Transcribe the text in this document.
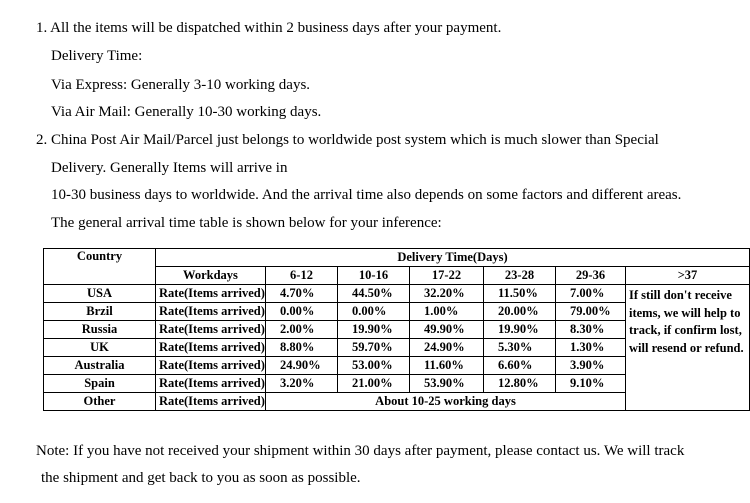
1. All the items will be dispatched within 2 business days after your payment.
Delivery Time:
Via Express: Generally 3-10 working days.
Via Air Mail: Generally 10-30 working days.
2. China Post Air Mail/Parcel just belongs to worldwide post system which is much slower than Special
Delivery. Generally Items will arrive in
10-30 business days to worldwide. And the arrival time also depends on some factors and different areas.
The general arrival time table is shown below for your inference:
Country	Delivery Time(Days)						
	Workdays	6-12	10-16	17-22	23-28	29-36	>37
USA	Rate(Items arrived)	4.70%	44.50%	32.20%	11.50%	7.00%	If still don't receive items, we will help to track, if confirm lost, will resend or refund.
Brzil	Rate(Items arrived)	0.00%	0.00%	1.00%	20.00%	79.00%	
Russia	Rate(Items arrived)	2.00%	19.90%	49.90%	19.90%	8.30%	
UK	Rate(Items arrived)	8.80%	59.70%	24.90%	5.30%	1.30%	
Australia	Rate(Items arrived)	24.90%	53.00%	11.60%	6.60%	3.90%	
Spain	Rate(Items arrived)	3.20%	21.00%	53.90%	12.80%	9.10%	
Other	Rate(Items arrived)	About 10-25 working days					
Note: If you have not received your shipment within 30 days after payment, please contact us. We will track
the shipment and get back to you as soon as possible.
